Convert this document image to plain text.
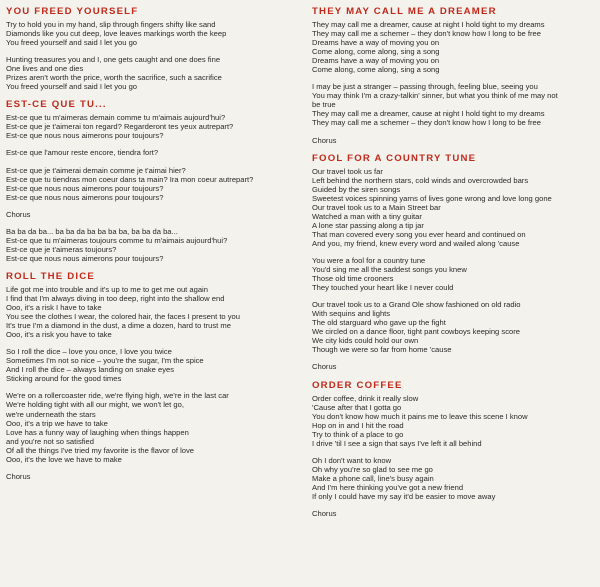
YOU FREED YOURSELF
Try to hold you in my hand, slip through fingers shifty like sand
Diamonds like you cut deep, love leaves markings worth the keep
You freed yourself and said I let you go
Hunting treasures you and I, one gets caught and one does fine
One lives and one dies
Prizes aren't worth the price, worth the sacrifice, such a sacrifice
You freed yourself and said I let you go
EST-CE QUE TU...
Est-ce que tu m'aimeras demain comme tu m'aimais aujourd'hui?
Est-ce que je t'aimerai ton regard? Regarderont tes yeux autrepart?
Est-ce que nous nous aimerons pour toujours?
Est-ce que l'amour reste encore, tiendra fort?
Est-ce que je t'aimerai demain comme je t'aimai hier?
Est-ce que tu tiendras mon coeur dans ta main? Ira mon coeur autrepart?
Est-ce que nous nous aimerons pour toujours?
Est-ce que nous nous aimerons pour toujours?
Chorus
Ba ba da ba... ba ba da ba ba ba ba, ba ba da ba...
Est-ce que tu m'aimeras toujours comme tu m'aimais aujourd'hui?
Est-ce que je t'aimeras toujours?
Est-ce que nous nous aimerons pour toujours?
ROLL THE DICE
Life got me into trouble and it's up to me to get me out again
I find that I'm always diving in too deep, right into the shallow end
Ooo, it's a risk I have to take
You see the clothes I wear, the colored hair, the faces I present to you
It's true I'm a diamond in the dust, a dime a dozen, hard to trust me
Ooo, it's a risk you have to take
So I roll the dice – love you once, I love you twice
Sometimes I'm not so nice – you're the sugar, I'm the spice
And I roll the dice – always landing on snake eyes
Sticking around for the good times
We're on a rollercoaster ride, we're flying high, we're in the last car
We're holding tight with all our might, we won't let go,
we're underneath the stars
Ooo, it's a trip we have to take
Love has a funny way of laughing when things happen
and you're not so satisfied
Of all the things I've tried my favorite is the flavor of love
Ooo, it's the love we have to make
Chorus
THEY MAY CALL ME A DREAMER
They may call me a dreamer, cause at night I hold tight to my dreams
They may call me a schemer – they don't know how I long to be free
Dreams have a way of moving you on
Come along, come along, sing a song
Dreams have a way of moving you on
Come along, come along, sing a song
I may be just a stranger – passing through, feeling blue, seeing you
You may think I'm a crazy-talkin' sinner, but what you think of me may not
be true
They may call me a dreamer, cause at night I hold tight to my dreams
They may call me a schemer – they don't know how I long to be free
Chorus
FOOL FOR A COUNTRY TUNE
Our travel took us far
Left behind the northern stars, cold winds and overcrowded bars
Guided by the siren songs
Sweetest voices spinning yarns of lives gone wrong and love long gone
Our travel took us to a Main Street bar
Watched a man with a tiny guitar
A lone star passing along a tip jar
That man covered every song you ever heard and continued on
And you, my friend, knew every word and wailed along 'cause
You were a fool for a country tune
You'd sing me all the saddest songs you knew
Those old time crooners
They touched your heart like I never could
Our travel took us to a Grand Ole show fashioned on old radio
With sequins and lights
The old starguard who gave up the fight
We circled on a dance floor, tight pant cowboys keeping score
We city kids could hold our own
Though we were so far from home 'cause
Chorus
ORDER COFFEE
Order coffee, drink it really slow
'Cause after that I gotta go
You don't know how much it pains me to leave this scene I know
Hop on in and I hit the road
Try to think of a place to go
I drive 'til I see a sign that says I've left it all behind
Oh I don't want to know
Oh why you're so glad to see me go
Make a phone call, line's busy again
And I'm here thinking you've got a new friend
If only I could have my say it'd be easier to move away
Chorus
